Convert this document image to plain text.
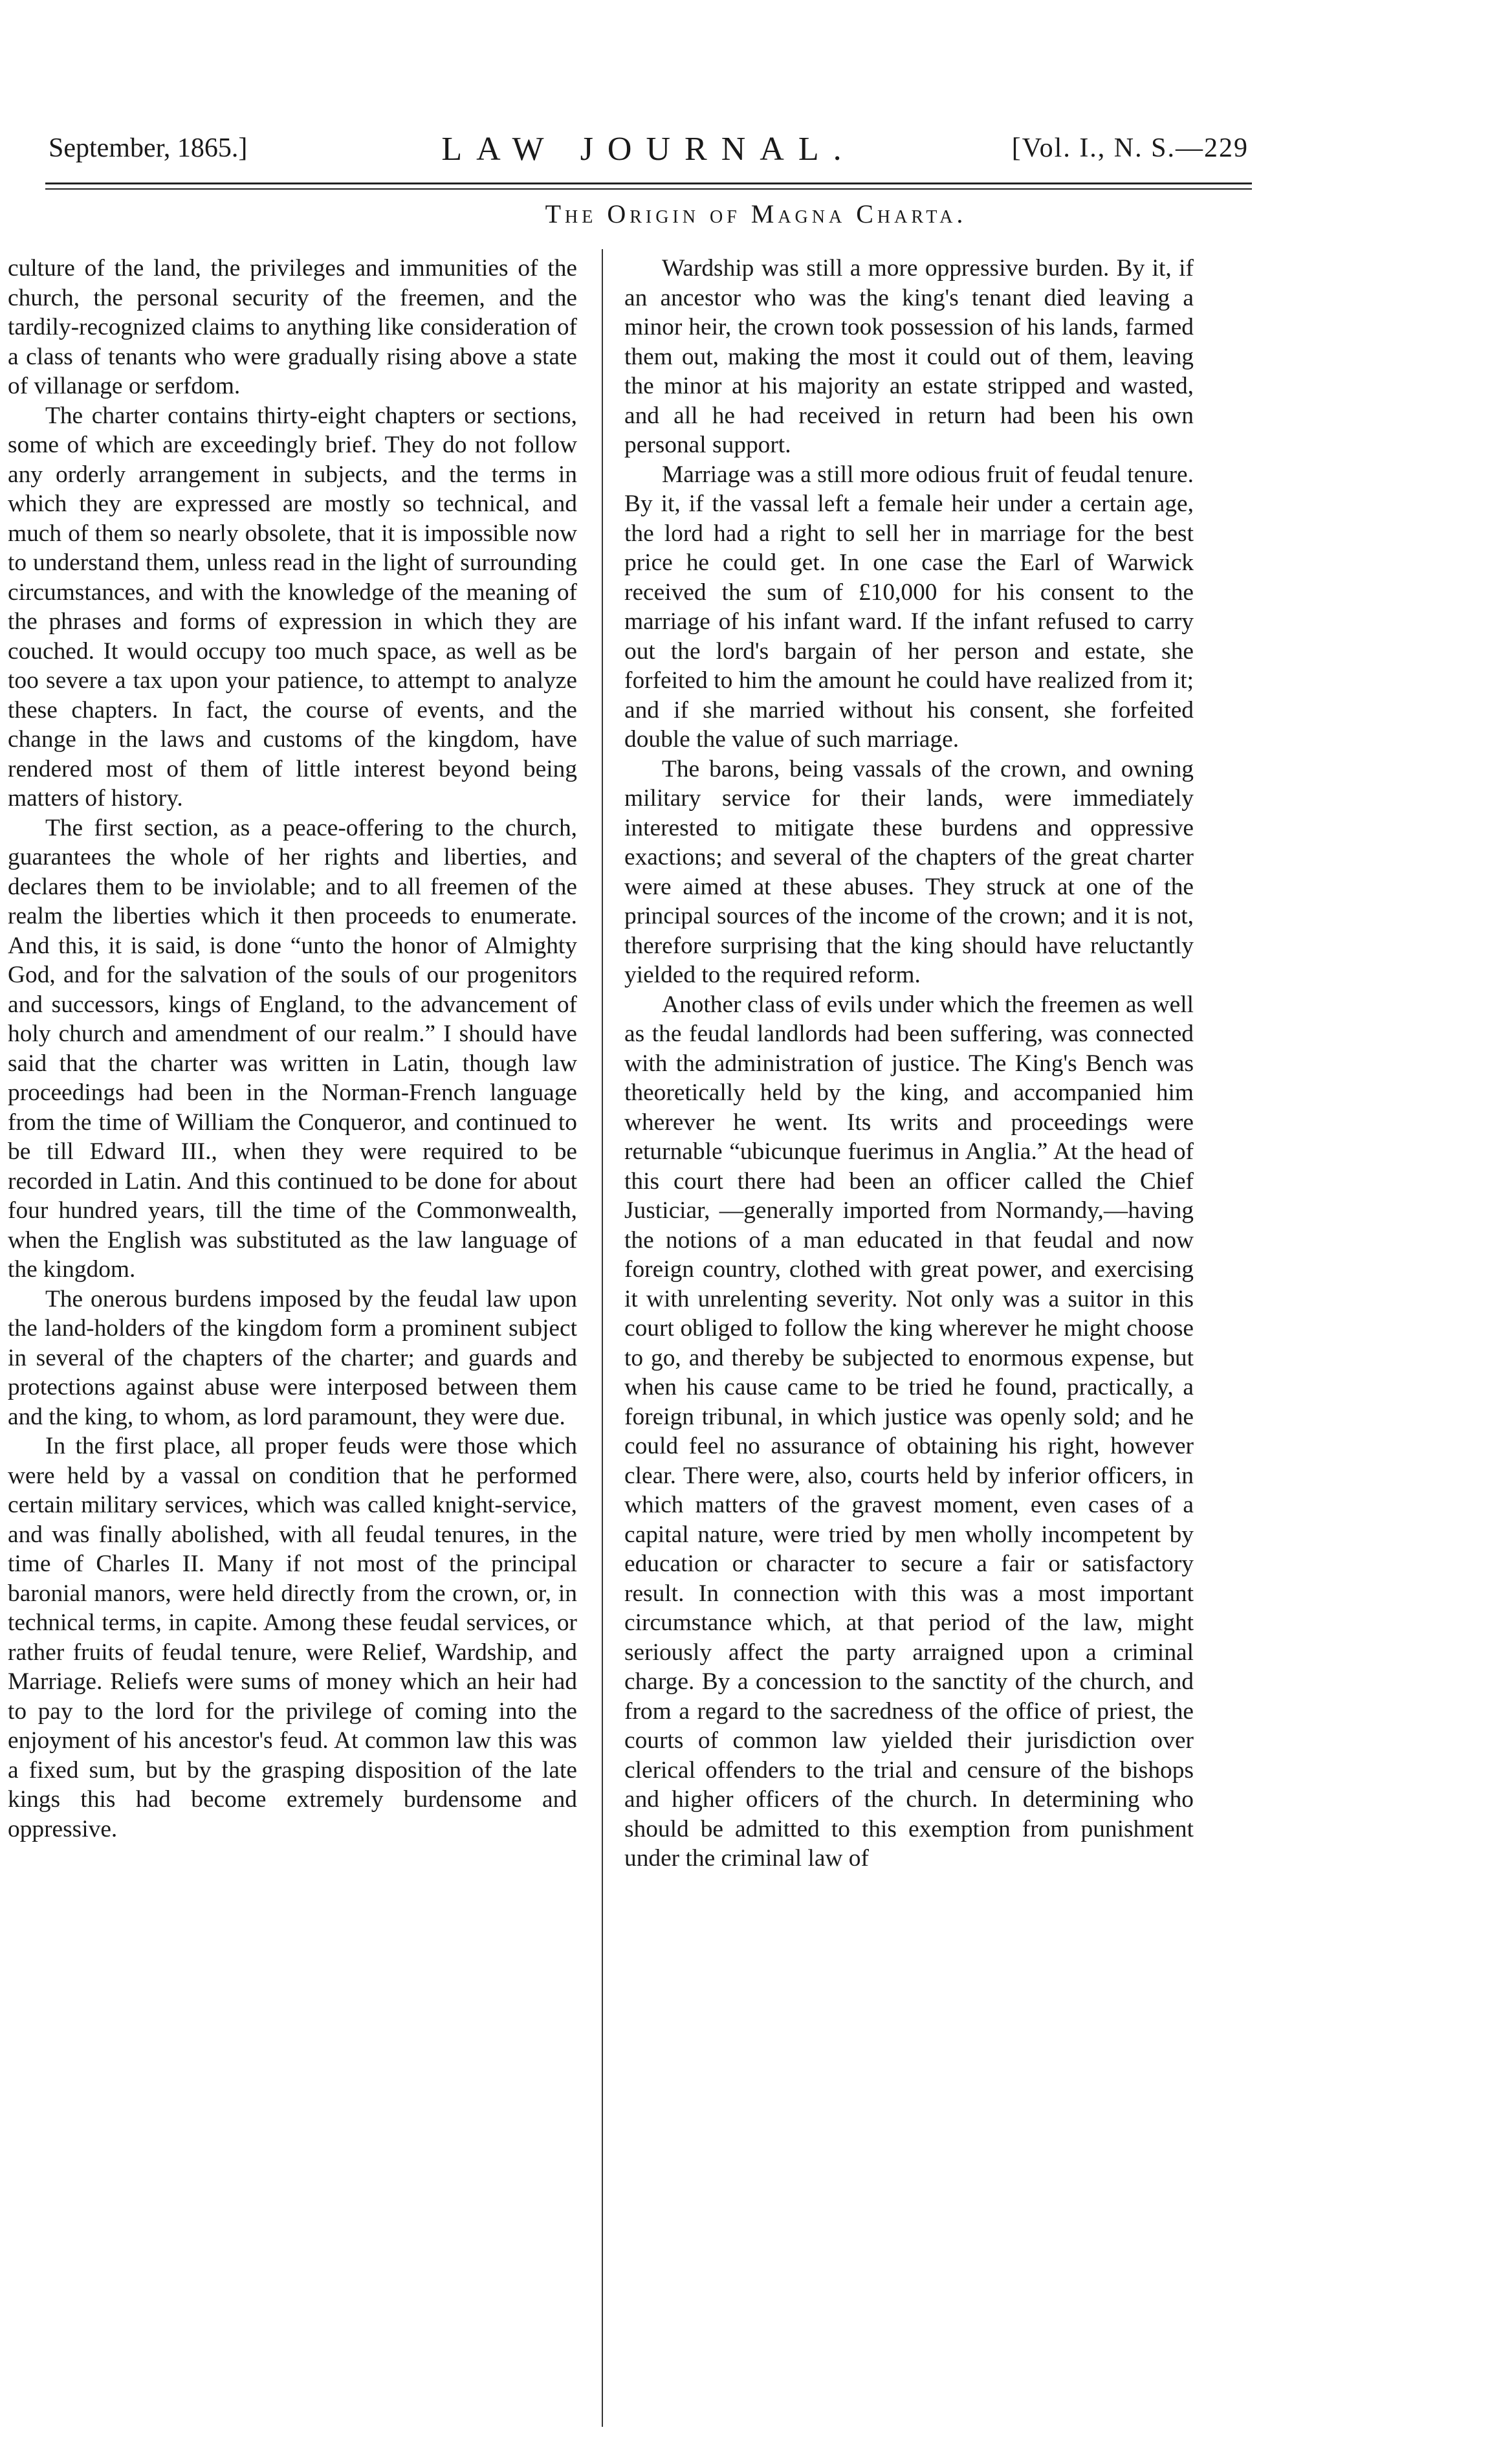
September, 1865.]	LAW JOURNAL.	[Vol. I., N. S.—229
The Origin of Magna Charta.

culture of the land, the privileges and immunities of the church, the personal security of the freemen, and the tardily-recognized claims to anything like consideration of a class of tenants who were gradually rising above a state of villanage or serfdom.

The charter contains thirty-eight chapters or sections, some of which are exceedingly brief. They do not follow any orderly arrangement in subjects, and the terms in which they are expressed are mostly so technical, and much of them so nearly obsolete, that it is impossible now to understand them, unless read in the light of surrounding circumstances, and with the knowledge of the meaning of the phrases and forms of expression in which they are couched. It would occupy too much space, as well as be too severe a tax upon your patience, to attempt to analyze these chapters. In fact, the course of events, and the change in the laws and customs of the kingdom, have rendered most of them of little interest beyond being matters of history.

The first section, as a peace-offering to the church, guarantees the whole of her rights and liberties, and declares them to be inviolable; and to all freemen of the realm the liberties which it then proceeds to enumerate. And this, it is said, is done “unto the honor of Almighty God, and for the salvation of the souls of our progenitors and successors, kings of England, to the advancement of holy church and amendment of our realm.” I should have said that the charter was written in Latin, though law proceedings had been in the Norman-French language from the time of William the Conqueror, and continued to be till Edward III., when they were required to be recorded in Latin. And this continued to be done for about four hundred years, till the time of the Commonwealth, when the English was substituted as the law language of the kingdom.

The onerous burdens imposed by the feudal law upon the land-holders of the kingdom form a prominent subject in several of the chapters of the charter; and guards and protections against abuse were interposed between them and the king, to whom, as lord paramount, they were due.

In the first place, all proper feuds were those which were held by a vassal on condition that he performed certain military services, which was called knight-service, and was finally abolished, with all feudal tenures, in the time of Charles II. Many if not most of the principal baronial manors, were held directly from the crown, or, in technical terms, in capite. Among these feudal services, or rather fruits of feudal tenure, were Relief, Wardship, and Marriage. Reliefs were sums of money which an heir had to pay to the lord for the privilege of coming into the enjoyment of his ancestor's feud. At common law this was a fixed sum, but by the grasping disposition of the late kings this had become extremely burdensome and oppressive.

Wardship was still a more oppressive burden. By it, if an ancestor who was the king's tenant died leaving a minor heir, the crown took possession of his lands, farmed them out, making the most it could out of them, leaving the minor at his majority an estate stripped and wasted, and all he had received in return had been his own personal support.

Marriage was a still more odious fruit of feudal tenure. By it, if the vassal left a female heir under a certain age, the lord had a right to sell her in marriage for the best price he could get. In one case the Earl of Warwick received the sum of £10,000 for his consent to the marriage of his infant ward. If the infant refused to carry out the lord's bargain of her person and estate, she forfeited to him the amount he could have realized from it; and if she married without his consent, she forfeited double the value of such marriage.

The barons, being vassals of the crown, and owning military service for their lands, were immediately interested to mitigate these burdens and oppressive exactions; and several of the chapters of the great charter were aimed at these abuses. They struck at one of the principal sources of the income of the crown; and it is not, therefore surprising that the king should have reluctantly yielded to the required reform.

Another class of evils under which the freemen as well as the feudal landlords had been suffering, was connected with the administration of justice. The King's Bench was theoretically held by the king, and accompanied him wherever he went. Its writs and proceedings were returnable “ubicunque fuerimus in Anglia.” At the head of this court there had been an officer called the Chief Justiciar, —generally imported from Normandy,—having the notions of a man educated in that feudal and now foreign country, clothed with great power, and exercising it with unrelenting severity. Not only was a suitor in this court obliged to follow the king wherever he might choose to go, and thereby be subjected to enormous expense, but when his cause came to be tried he found, practically, a foreign tribunal, in which justice was openly sold; and he could feel no assurance of obtaining his right, however clear. There were, also, courts held by inferior officers, in which matters of the gravest moment, even cases of a capital nature, were tried by men wholly incompetent by education or character to secure a fair or satisfactory result. In connection with this was a most important circumstance which, at that period of the law, might seriously affect the party arraigned upon a criminal charge. By a concession to the sanctity of the church, and from a regard to the sacredness of the office of priest, the courts of common law yielded their jurisdiction over clerical offenders to the trial and censure of the bishops and higher officers of the church. In determining who should be admitted to this exemption from punishment under the criminal law of
